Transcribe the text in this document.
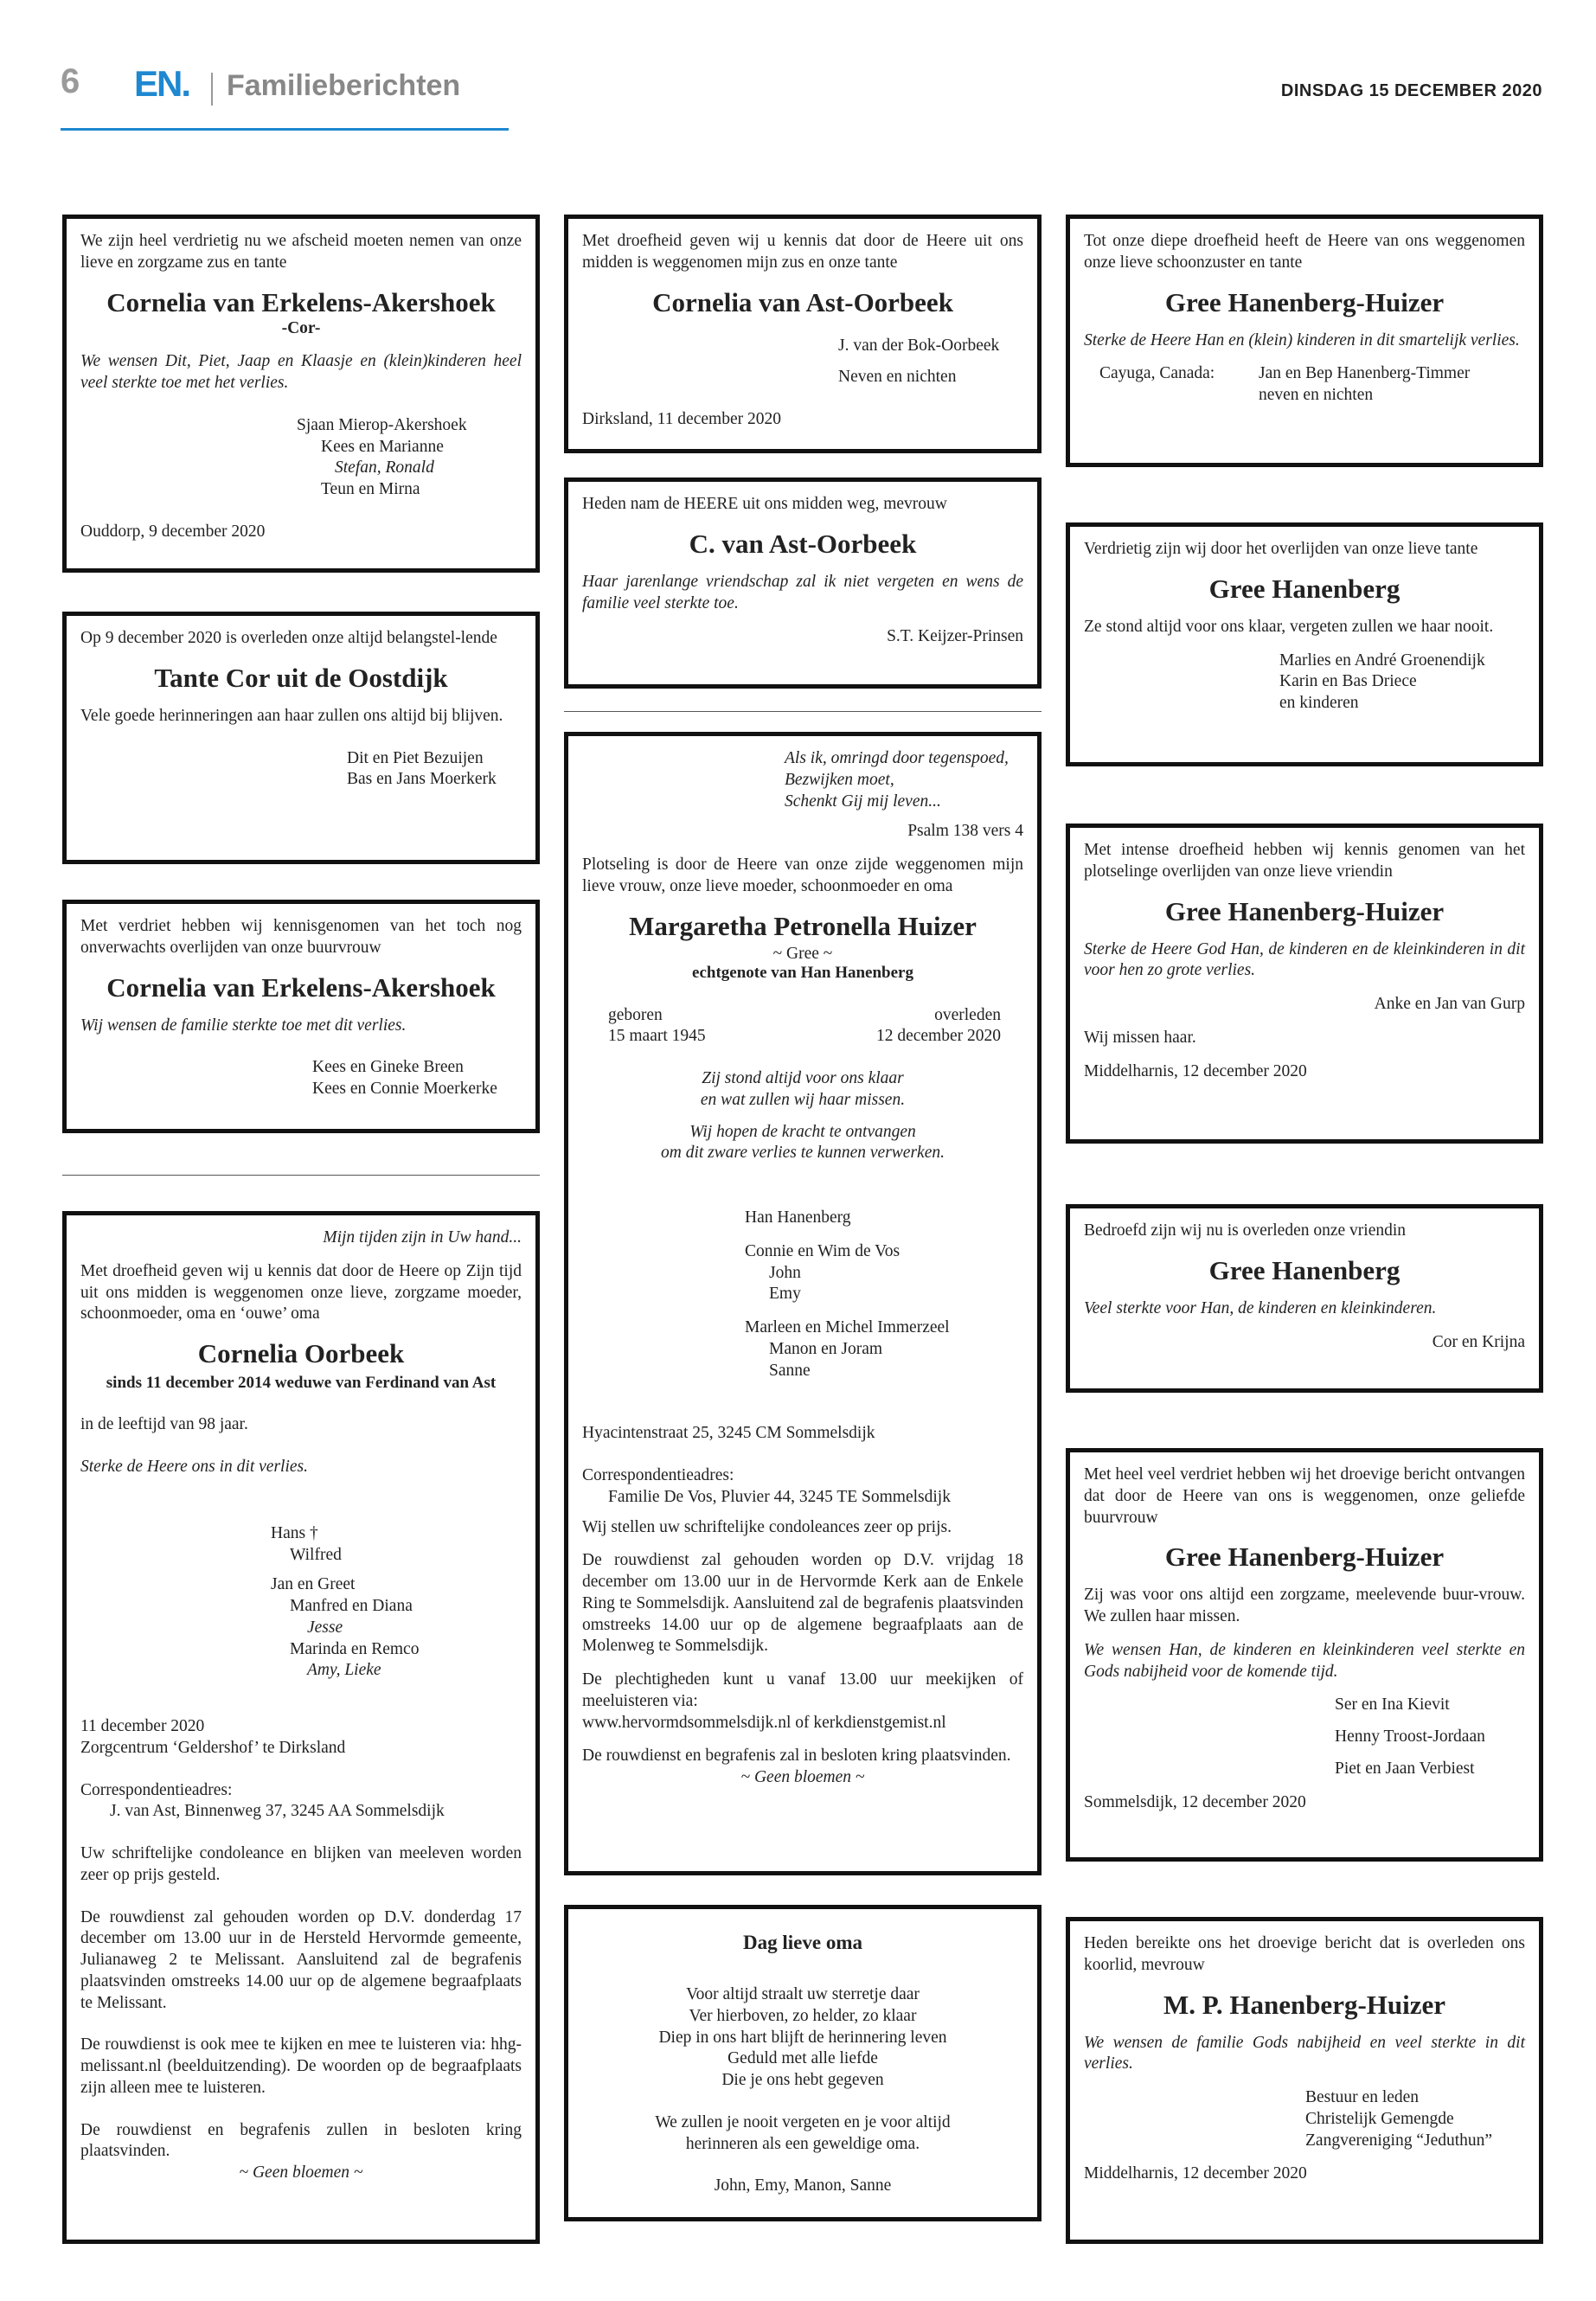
6 EN. Familieberichten	DINSDAG 15 DECEMBER 2020

We zijn heel verdrietig nu we afscheid moeten nemen van onze lieve en zorgzame zus en tante

Cornelia van Erkelens-Akershoek
-Cor-

We wensen Dit, Piet, Jaap en Klaasje en (klein)kinderen heel veel sterkte toe met het verlies.

Sjaan Mierop-Akershoek
Kees en Marianne
Stefan, Ronald
Teun en Mirna

Ouddorp, 9 december 2020

Op 9 december 2020 is overleden onze altijd belangstel-lende

Tante Cor uit de Oostdijk

Vele goede herinneringen aan haar zullen ons altijd bij blijven.

Dit en Piet Bezuijen
Bas en Jans Moerkerk

Met verdriet hebben wij kennisgenomen van het toch nog onverwachts overlijden van onze buurvrouw

Cornelia van Erkelens-Akershoek

Wij wensen de familie sterkte toe met dit verlies.

Kees en Gineke Breen
Kees en Connie Moerkerke

Mijn tijden zijn in Uw hand...

Met droefheid geven wij u kennis dat door de Heere op Zijn tijd uit ons midden is weggenomen onze lieve, zorgzame moeder, schoonmoeder, oma en ‘ouwe’ oma

Cornelia Oorbeek
sinds 11 december 2014 weduwe van Ferdinand van Ast

in de leeftijd van 98 jaar.

Sterke de Heere ons in dit verlies.

Hans †
Wilfred
Jan en Greet
Manfred en Diana
Jesse
Marinda en Remco
Amy, Lieke
11 december 2020
Zorgcentrum ‘Geldershof’ te Dirksland
Correspondentieadres:
J. van Ast, Binnenweg 37, 3245 AA Sommelsdijk

Uw schriftelijke condoleance en blijken van meeleven worden zeer op prijs gesteld.

De rouwdienst zal gehouden worden op D.V. donderdag 17 december om 13.00 uur in de Hersteld Hervormde gemeente, Julianaweg 2 te Melissant. Aansluitend zal de begrafenis plaatsvinden omstreeks 14.00 uur op de algemene begraafplaats te Melissant.

De rouwdienst is ook mee te kijken en mee te luisteren via: hhg-melissant.nl (beelduitzending). De woorden op de begraafplaats zijn alleen mee te luisteren.

De rouwdienst en begrafenis zullen in besloten kring plaatsvinden.

~ Geen bloemen ~

Met droefheid geven wij u kennis dat door de Heere uit ons midden is weggenomen mijn zus en onze tante

Cornelia van Ast-Oorbeek
J. van der Bok-Oorbeek
Neven en nichten

Dirksland, 11 december 2020

Heden nam de HEERE uit ons midden weg, mevrouw

C. van Ast-Oorbeek

Haar jarenlange vriendschap zal ik niet vergeten en wens de familie veel sterkte toe.

S.T. Keijzer-Prinsen

Als ik, omringd door tegenspoed,
Bezwijken moet,
Schenkt Gij mij leven...

Psalm 138 vers 4

Plotseling is door de Heere van onze zijde weggenomen mijn lieve vrouw, onze lieve moeder, schoonmoeder en oma

Margaretha Petronella Huizer
~ Gree ~
echtgenote van Han Hanenberg
geboren
15 maart 1945
overleden
12 december 2020
Zij stond altijd voor ons klaar
en wat zullen wij haar missen.
Wij hopen de kracht te ontvangen
om dit zware verlies te kunnen verwerken.
Han Hanenberg
Connie en Wim de Vos
John
Emy
Marleen en Michel Immerzeel
Manon en Joram
Sanne

Hyacintenstraat 25, 3245 CM Sommelsdijk

Correspondentieadres:
Familie De Vos, Pluvier 44, 3245 TE Sommelsdijk

Wij stellen uw schriftelijke condoleances zeer op prijs.

De rouwdienst zal gehouden worden op D.V. vrijdag 18 december om 13.00 uur in de Hervormde Kerk aan de Enkele Ring te Sommelsdijk. Aansluitend zal de begrafenis plaatsvinden omstreeks 14.00 uur op de algemene begraafplaats aan de Molenweg te Sommelsdijk.

De plechtigheden kunt u vanaf 13.00 uur meekijken of meeluisteren via:

www.hervormdsommelsdijk.nl of kerkdienstgemist.nl

De rouwdienst en begrafenis zal in besloten kring plaatsvinden.

~ Geen bloemen ~

Dag lieve oma
Voor altijd straalt uw sterretje daar
Ver hierboven, zo helder, zo klaar
Diep in ons hart blijft de herinnering leven
Geduld met alle liefde
Die je ons hebt gegeven
We zullen je nooit vergeten en je voor altijd
herinneren als een geweldige oma.
John, Emy, Manon, Sanne

Tot onze diepe droefheid heeft de Heere van ons weggenomen onze lieve schoonzuster en tante

Gree Hanenberg-Huizer

Sterke de Heere Han en (klein) kinderen in dit smartelijk verlies.

Cayuga, Canada:	Jan en Bep Hanenberg-Timmer
neven en nichten

Verdrietig zijn wij door het overlijden van onze lieve tante

Gree Hanenberg

Ze stond altijd voor ons klaar, vergeten zullen we haar nooit.

Marlies en André Groenendijk
Karin en Bas Driece
en kinderen

Met intense droefheid hebben wij kennis genomen van het plotselinge overlijden van onze lieve vriendin

Gree Hanenberg-Huizer

Sterke de Heere God Han, de kinderen en de kleinkinderen in dit voor hen zo grote verlies.

Anke en Jan van Gurp

Wij missen haar.

Middelharnis, 12 december 2020

Bedroefd zijn wij nu is overleden onze vriendin

Gree Hanenberg

Veel sterkte voor Han, de kinderen en kleinkinderen.

Cor en Krijna

Met heel veel verdriet hebben wij het droevige bericht ontvangen dat door de Heere van ons is weggenomen, onze geliefde buurvrouw

Gree Hanenberg-Huizer

Zij was voor ons altijd een zorgzame, meelevende buur-vrouw. We zullen haar missen.

We wensen Han, de kinderen en kleinkinderen veel sterkte en Gods nabijheid voor de komende tijd.

Ser en Ina Kievit
Henny Troost-Jordaan
Piet en Jaan Verbiest

Sommelsdijk, 12 december 2020

Heden bereikte ons het droevige bericht dat is overleden ons koorlid, mevrouw

M. P. Hanenberg-Huizer

We wensen de familie Gods nabijheid en veel sterkte in dit verlies.

Bestuur en leden
Christelijk Gemengde
Zangvereniging “Jeduthun”

Middelharnis, 12 december 2020
